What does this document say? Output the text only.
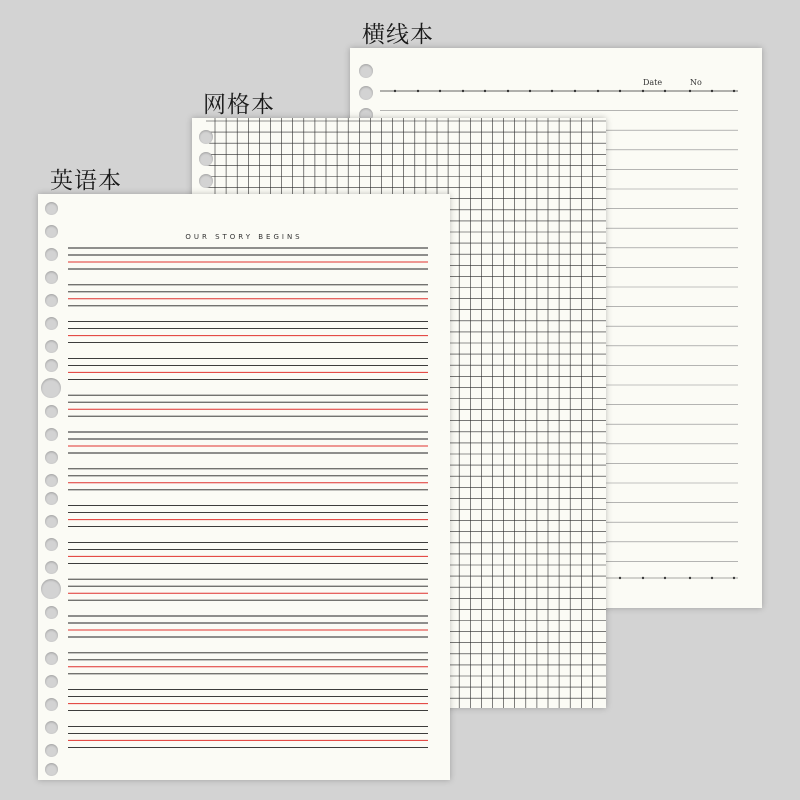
横线本
Date	No
网格本
英语本
OUR STORY BEGINS
